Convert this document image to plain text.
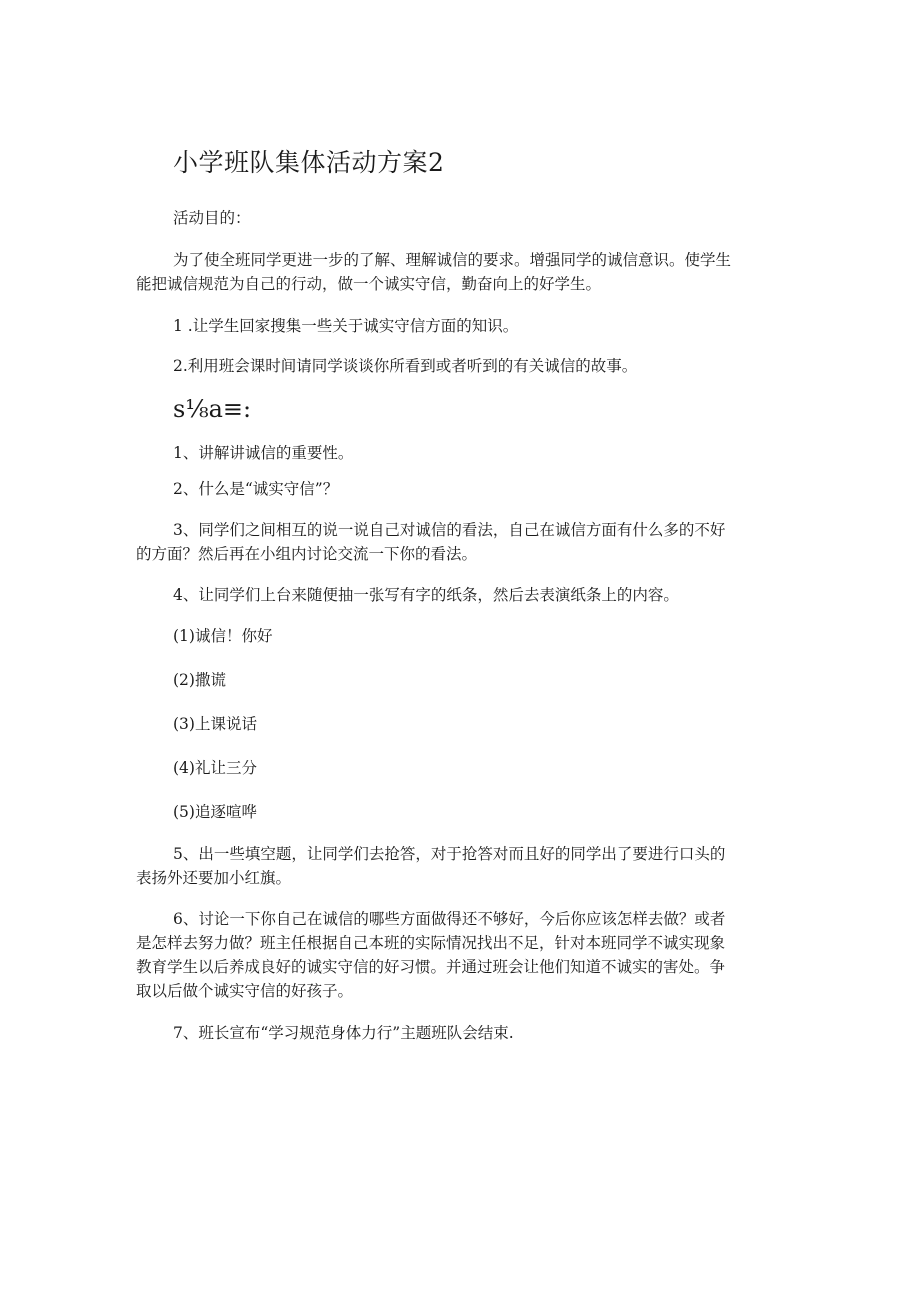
小学班队集体活动方案2
活动目的：
为了使全班同学更进一步的了解、理解诚信的要求。增强同学的诚信意识。使学生
能把诚信规范为自己的行动，做一个诚实守信，勤奋向上的好学生。
1 .让学生回家搜集一些关于诚实守信方面的知识。
2.利用班会课时间请同学谈谈你所看到或者听到的有关诚信的故事。
s⅛a≡:
1、讲解讲诚信的重要性。
2、什么是“诚实守信”？
3、同学们之间相互的说一说自己对诚信的看法，自己在诚信方面有什么多的不好
的方面？然后再在小组内讨论交流一下你的看法。
4、让同学们上台来随便抽一张写有字的纸条，然后去表演纸条上的内容。
(1)诚信！你好
(2)撒谎
(3)上课说话
(4)礼让三分
(5)追逐喧哗
5、出一些填空题，让同学们去抢答，对于抢答对而且好的同学出了要进行口头的
表扬外还要加小红旗。
6、讨论一下你自己在诚信的哪些方面做得还不够好，今后你应该怎样去做？或者
是怎样去努力做？班主任根据自己本班的实际情况找出不足，针对本班同学不诚实现象
教育学生以后养成良好的诚实守信的好习惯。并通过班会让他们知道不诚实的害处。争
取以后做个诚实守信的好孩子。
7、班长宣布“学习规范身体力行”主题班队会结束.
